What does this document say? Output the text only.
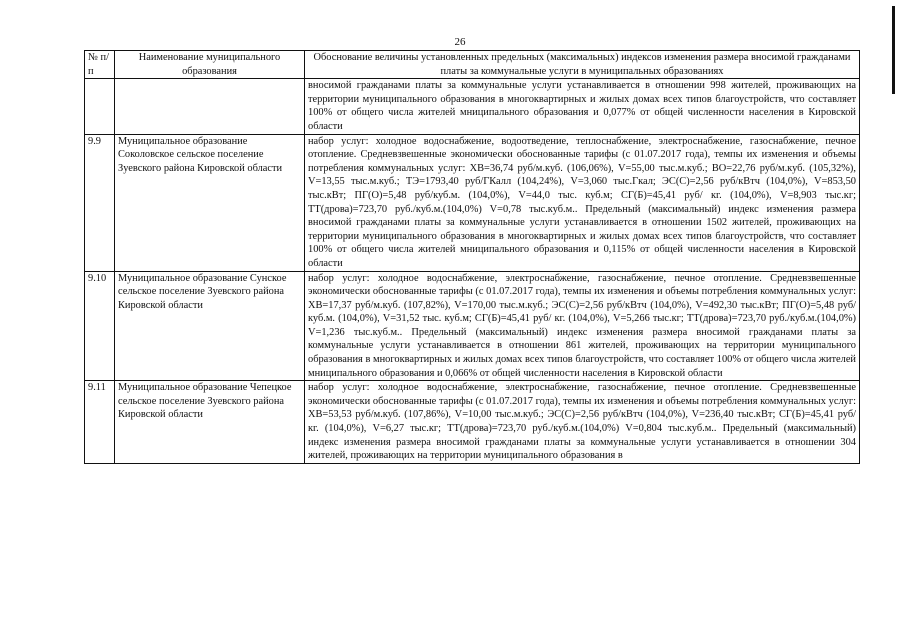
26
№ п/п	Наименование муниципального образования	Обоснование величины установленных предельных (максимальных) индексов изменения размера вносимой гражданами платы за коммунальные услуги в муниципальных образованиях
		вносимой гражданами платы за коммунальные услуги устанавливается в отношении 998 жителей, проживающих на территории муниципального образования в многоквартирных и жилых домах всех типов благоустройств, что составляет 100% от общего числа жителей мниципального образования и 0,077% от общей численности населения в Кировской области
9.9	Муниципальное образование Соколовское сельское поселение Зуевского района Кировской области	набор услуг: холодное водоснабжение, водоотведение, теплоснабжение, электроснабжение, газоснабжение, печное отопление. Средневзвешенные экономически обоснованные тарифы (с 01.07.2017 года), темпы их изменения и объемы потребления коммунальных услуг: ХВ=36,74 руб/м.куб. (106,06%), V=55,00 тыс.м.куб.; ВО=22,76 руб/м.куб. (105,32%), V=13,55 тыс.м.куб.; ТЭ=1793,40 руб/ГКалл (104,24%), V=3,060 тыс.Гкал; ЭС(С)=2,56 руб/кВтч (104,0%), V=853,50 тыс.кВт; ПГ(О)=5,48 руб/куб.м. (104,0%), V=44,0 тыс. куб.м; СГ(Б)=45,41 руб/ кг. (104,0%), V=8,903 тыс.кг; ТТ(дрова)=723,70 руб./куб.м.(104,0%) V=0,78 тыс.куб.м.. Предельный (максимальный) индекс изменения размера вносимой гражданами платы за коммунальные услуги устанавливается в отношении 1502 жителей, проживающих на территории муниципального образования в многоквартирных и жилых домах всех типов благоустройств, что составляет 100% от общего числа жителей мниципального образования и 0,115% от общей численности населения в Кировской области
9.10	Муниципальное образование Сунское сельское поселение Зуевского района Кировской области	набор услуг: холодное водоснабжение, электроснабжение, газоснабжение, печное отопление. Средневзвешенные экономически обоснованные тарифы (с 01.07.2017 года), темпы их изменения и объемы потребления коммунальных услуг: ХВ=17,37 руб/м.куб. (107,82%), V=170,00 тыс.м.куб.; ЭС(С)=2,56 руб/кВтч (104,0%), V=492,30 тыс.кВт; ПГ(О)=5,48 руб/куб.м. (104,0%), V=31,52 тыс. куб.м; СГ(Б)=45,41 руб/ кг. (104,0%), V=5,266 тыс.кг; ТТ(дрова)=723,70 руб./куб.м.(104,0%) V=1,236 тыс.куб.м.. Предельный (максимальный) индекс изменения размера вносимой гражданами платы за коммунальные услуги устанавливается в отношении 861 жителей, проживающих на территории муниципального образования в многоквартирных и жилых домах всех типов благоустройств, что составляет 100% от общего числа жителей мниципального образования и 0,066% от общей численности населения в Кировской области
9.11	Муниципальное образование Чепецкое сельское поселение Зуевского района Кировской области	набор услуг: холодное водоснабжение, электроснабжение, газоснабжение, печное отопление. Средневзвешенные экономически обоснованные тарифы (с 01.07.2017 года), темпы их изменения и объемы потребления коммунальных услуг: ХВ=53,53 руб/м.куб. (107,86%), V=10,00 тыс.м.куб.; ЭС(С)=2,56 руб/кВтч (104,0%), V=236,40 тыс.кВт; СГ(Б)=45,41 руб/ кг. (104,0%), V=6,27 тыс.кг; ТТ(дрова)=723,70 руб./куб.м.(104,0%) V=0,804 тыс.куб.м.. Предельный (максимальный) индекс изменения размера вносимой гражданами платы за коммунальные услуги устанавливается в отношении 304 жителей, проживающих на территории муниципального образования в
